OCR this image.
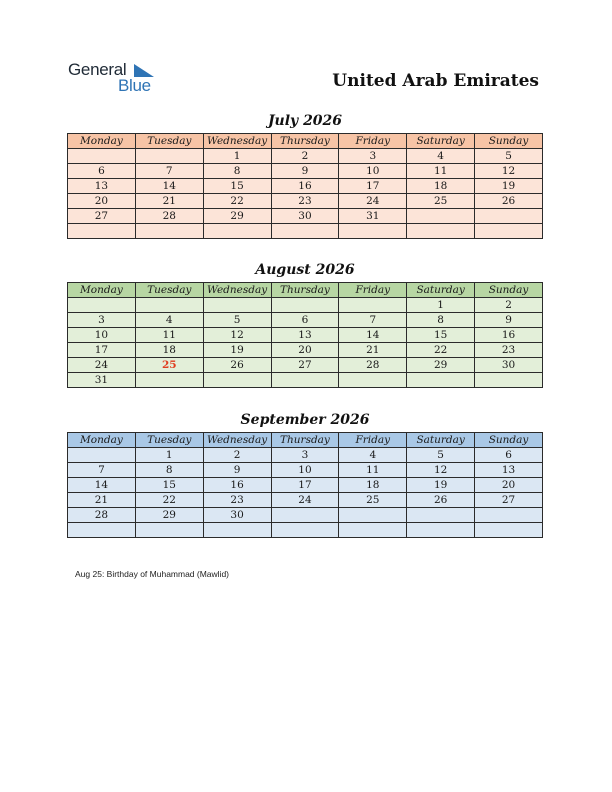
General
Blue	United Arab Emirates
July 2026
Monday	Tuesday	Wednesday	Thursday	Friday	Saturday	Sunday
		1	2	3	4	5
6	7	8	9	10	11	12
13	14	15	16	17	18	19
20	21	22	23	24	25	26
27	28	29	30	31		

August 2026
Monday	Tuesday	Wednesday	Thursday	Friday	Saturday	Sunday
					1	2
3	4	5	6	7	8	9
10	11	12	13	14	15	16
17	18	19	20	21	22	23
24	25	26	27	28	29	30
31						
September 2026
Monday	Tuesday	Wednesday	Thursday	Friday	Saturday	Sunday
	1	2	3	4	5	6
7	8	9	10	11	12	13
14	15	16	17	18	19	20
21	22	23	24	25	26	27
28	29	30				

Aug 25: Birthday of Muhammad (Mawlid)
